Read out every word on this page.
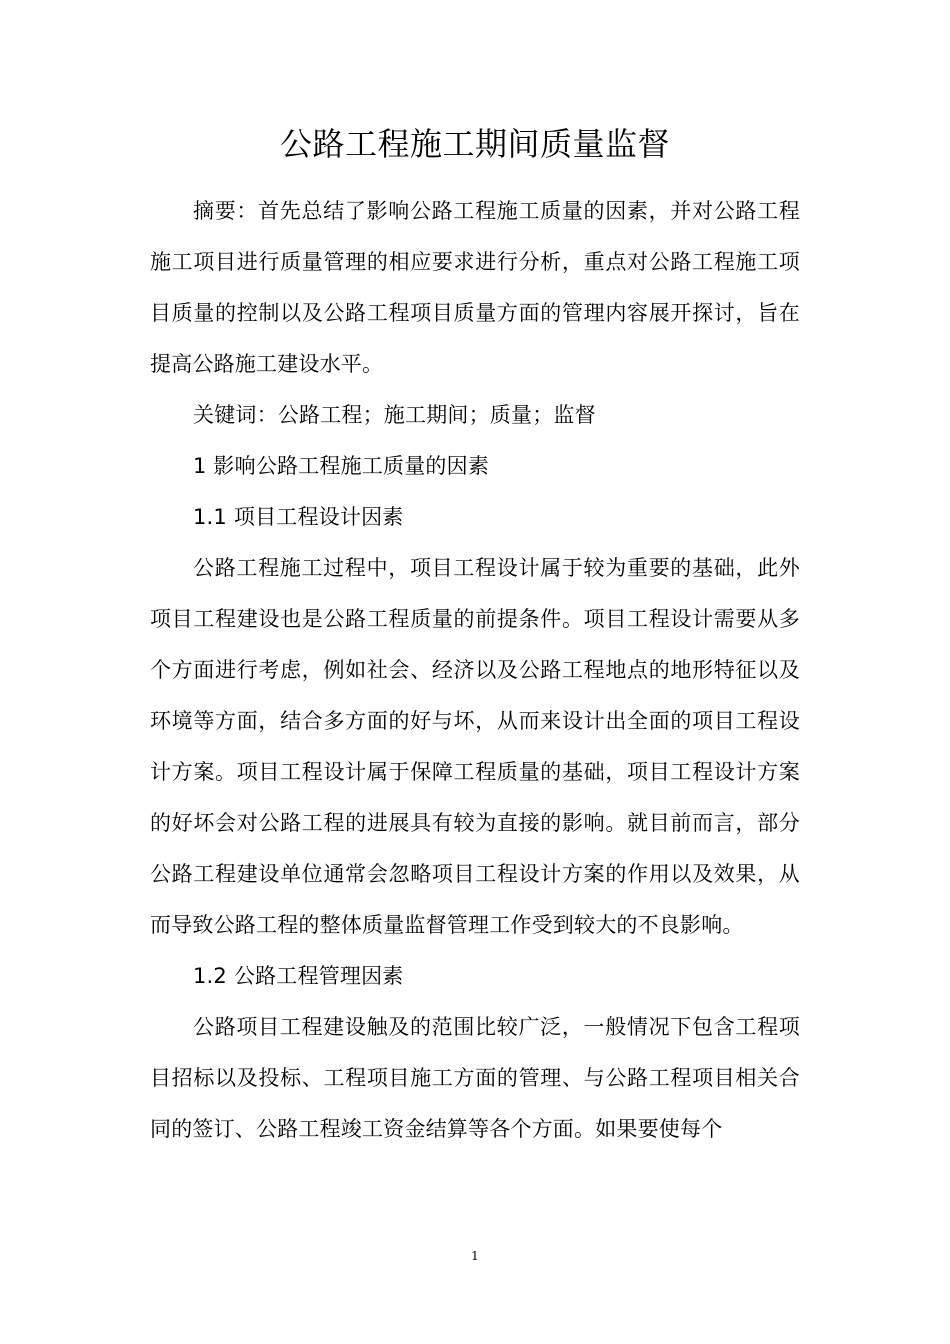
公路工程施工期间质量监督

摘要：首先总结了影响公路工程施工质量的因素，并对公路工程施工项目进行质量管理的相应要求进行分析，重点对公路工程施工项目质量的控制以及公路工程项目质量方面的管理内容展开探讨，旨在提高公路施工建设水平。

关键词：公路工程；施工期间；质量；监督

1 影响公路工程施工质量的因素

1.1 项目工程设计因素

公路工程施工过程中，项目工程设计属于较为重要的基础，此外项目工程建设也是公路工程质量的前提条件。项目工程设计需要从多个方面进行考虑，例如社会、经济以及公路工程地点的地形特征以及环境等方面，结合多方面的好与坏，从而来设计出全面的项目工程设计方案。项目工程设计属于保障工程质量的基础，项目工程设计方案的好坏会对公路工程的进展具有较为直接的影响。就目前而言，部分公路工程建设单位通常会忽略项目工程设计方案的作用以及效果，从而导致公路工程的整体质量监督管理工作受到较大的不良影响。

1.2 公路工程管理因素

公路项目工程建设触及的范围比较广泛，一般情况下包含工程项目招标以及投标、工程项目施工方面的管理、与公路工程项目相关合同的签订、公路工程竣工资金结算等各个方面。如果要使每个

1
